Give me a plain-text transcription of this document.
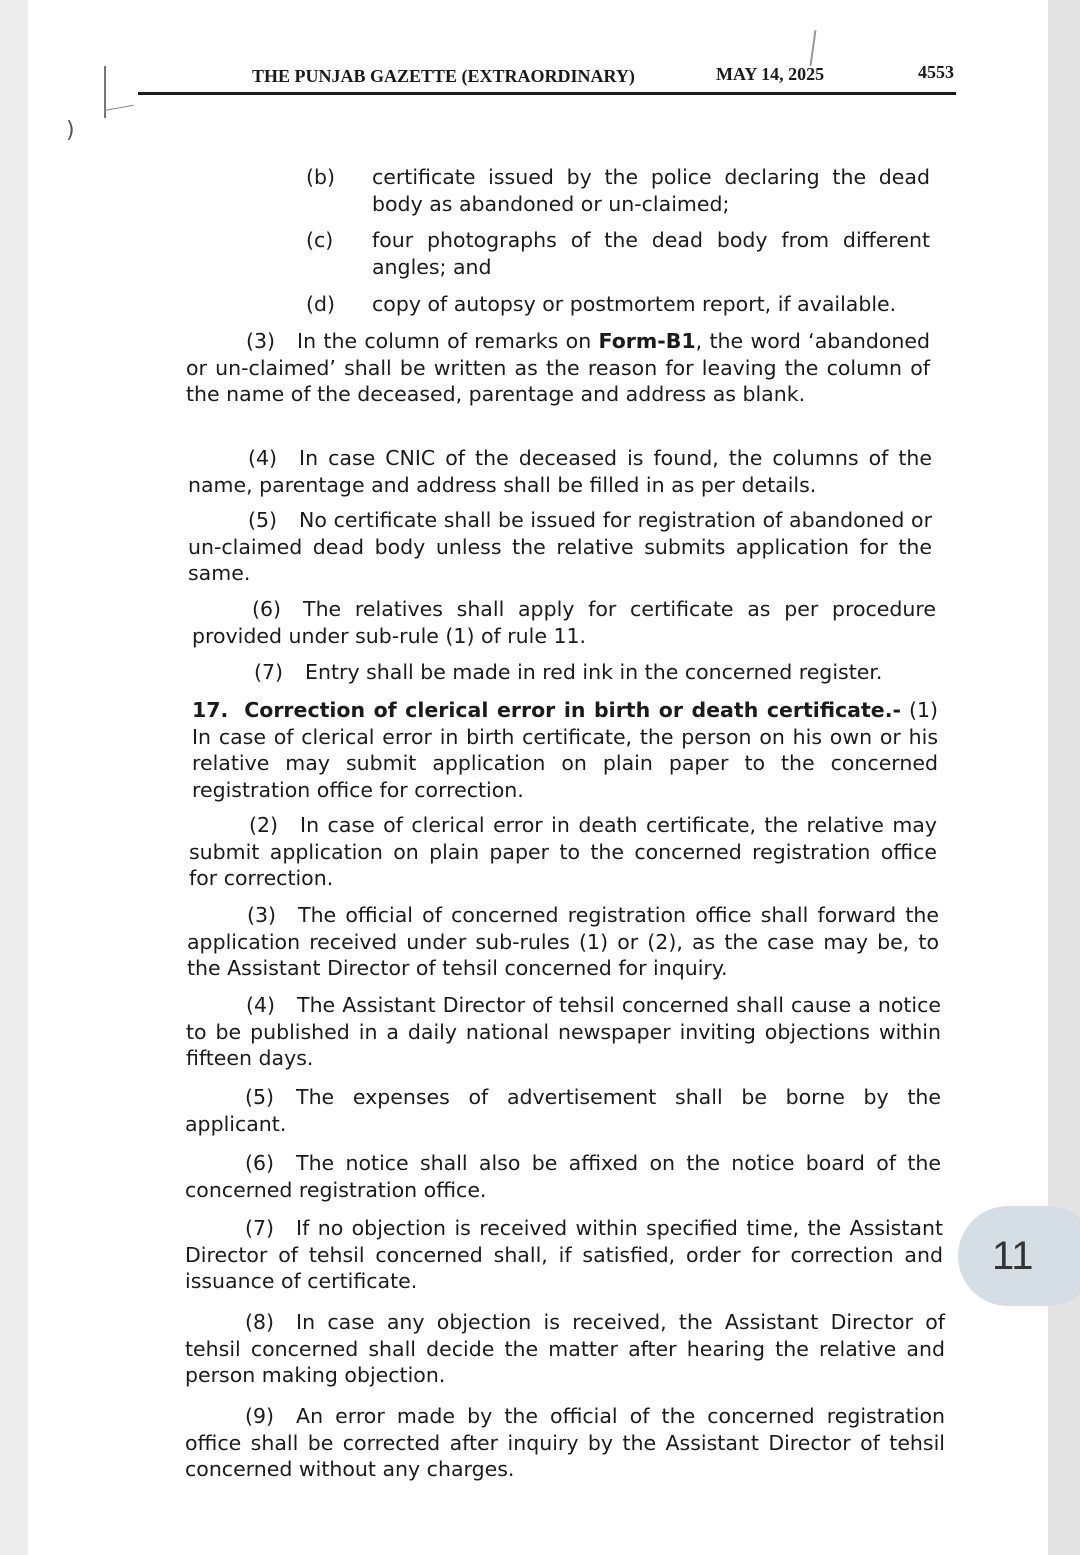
)
THE PUNJAB GAZETTE (EXTRAORDINARY)	MAY 14, 2025	4553
(b) certificate issued by the police declaring the dead body as abandoned or un-claimed;
(c) four photographs of the dead body from different angles; and
(d) copy of autopsy or postmortem report, if available.
(3) In the column of remarks on Form-B1, the word ‘abandoned or un-claimed’ shall be written as the reason for leaving the column of the name of the deceased, parentage and address as blank.
(4) In case CNIC of the deceased is found, the columns of the name, parentage and address shall be filled in as per details.
(5) No certificate shall be issued for registration of abandoned or un-claimed dead body unless the relative submits application for the same.
(6) The relatives shall apply for certificate as per procedure provided under sub-rule (1) of rule 11.
(7) Entry shall be made in red ink in the concerned register.
17. Correction of clerical error in birth or death certificate.- (1) In case of clerical error in birth certificate, the person on his own or his relative may submit application on plain paper to the concerned registration office for correction.
(2) In case of clerical error in death certificate, the relative may submit application on plain paper to the concerned registration office for correction.
(3) The official of concerned registration office shall forward the application received under sub-rules (1) or (2), as the case may be, to the Assistant Director of tehsil concerned for inquiry.
(4) The Assistant Director of tehsil concerned shall cause a notice to be published in a daily national newspaper inviting objections within fifteen days.
(5) The expenses of advertisement shall be borne by the applicant.
(6) The notice shall also be affixed on the notice board of the concerned registration office.
(7) If no objection is received within specified time, the Assistant Director of tehsil concerned shall, if satisfied, order for correction and issuance of certificate.
(8) In case any objection is received, the Assistant Director of tehsil concerned shall decide the matter after hearing the relative and person making objection.
(9) An error made by the official of the concerned registration office shall be corrected after inquiry by the Assistant Director of tehsil concerned without any charges.
11
